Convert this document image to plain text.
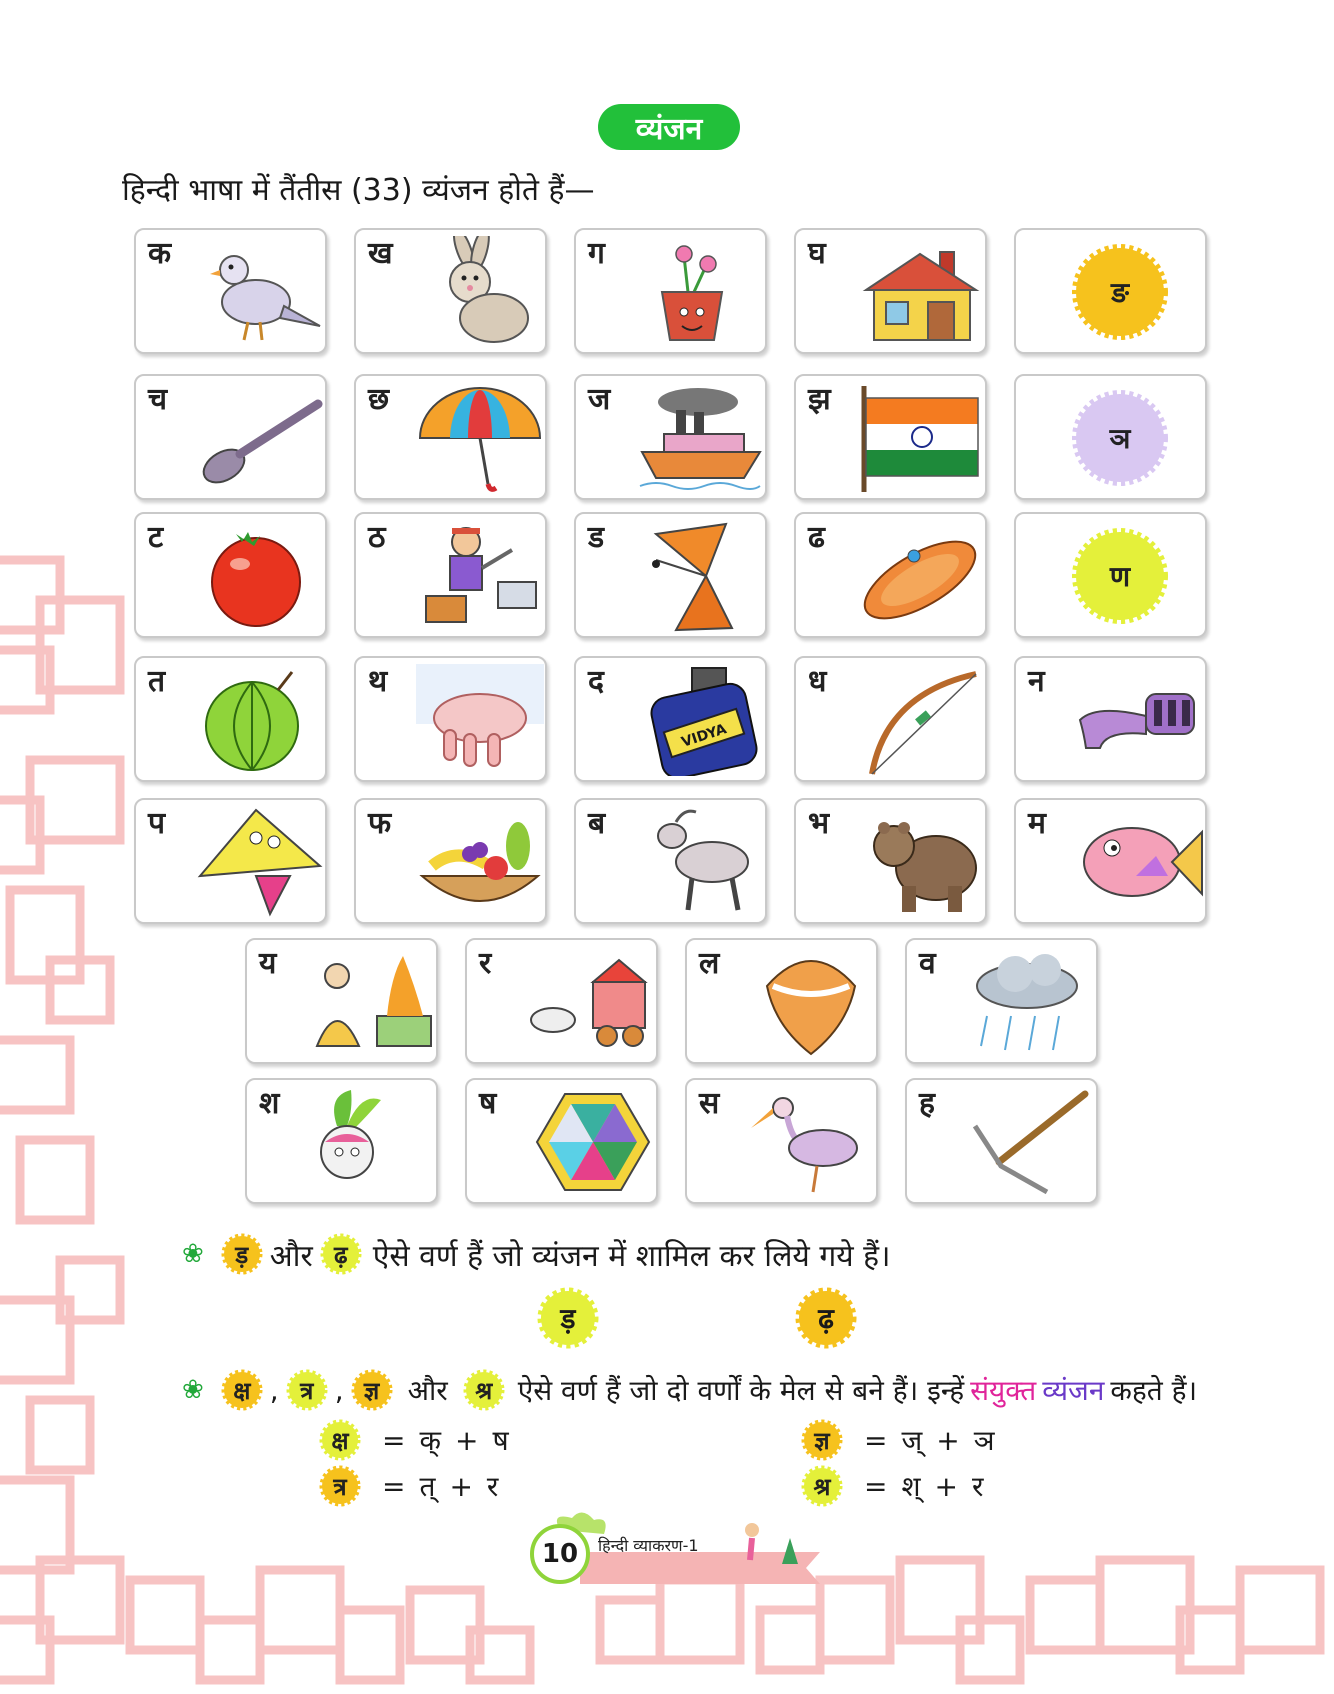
व्यंजन
हिन्दी भाषा में तैंतीस (33) व्यंजन होते हैं—
क	ख	ग	घ
ङ
च	छ	ज	झ
ञ
ट	ठ	ड	ढ
ण
त	थ	द
VIDYA
ध	न
प	फ	ब	भ	म
य	र	ल	व
श	ष	स	ह
❀ ड़ और ढ़ ऐसे वर्ण हैं जो व्यंजन में शामिल कर लिये गये हैं।
ड़	ढ़
❀ क्ष , त्र , ज्ञ और श्र ऐसे वर्ण हैं जो दो वर्णों के मेल से बने हैं। इन्हें संयुक्त व्यंजन कहते हैं।
क्ष = क् + ष	ज्ञ = ज् + ञ
त्र = त् + र	श्र = श् + र
10	हिन्दी व्याकरण-1
